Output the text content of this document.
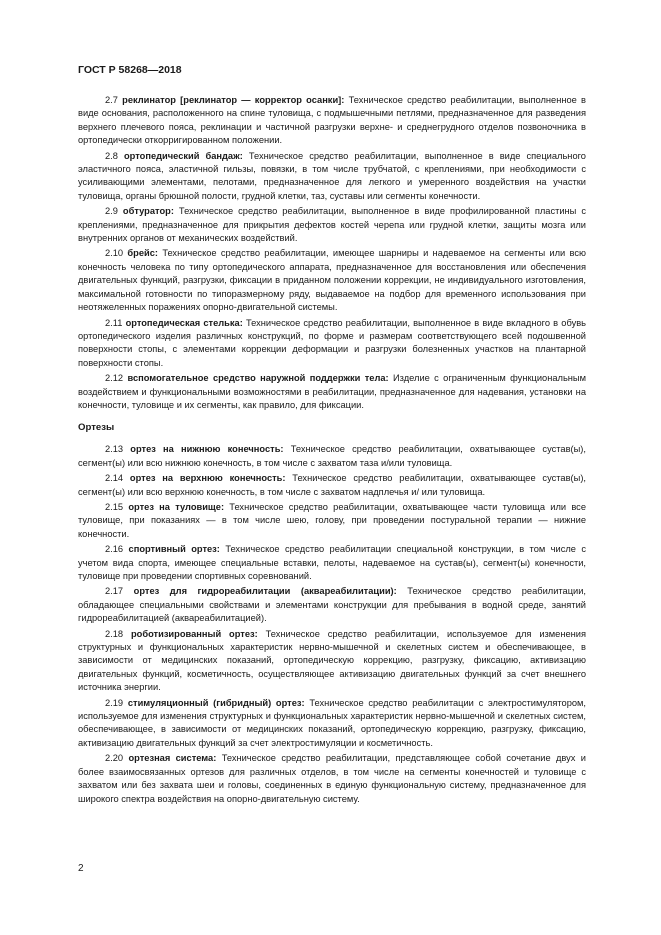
ГОСТ Р 58268—2018

2.7 реклинатор [реклинатор — корректор осанки]: Техническое средство реабилитации, выполненное в виде основания, расположенного на спине туловища, с подмышечными петлями, предназначенное для разведения верхнего плечевого пояса, реклинации и частичной разгрузки верхне- и среднегрудного отделов позвоночника в ортопедически откорригированном положении.

2.8 ортопедический бандаж: Техническое средство реабилитации, выполненное в виде специального эластичного пояса, эластичной гильзы, повязки, в том числе трубчатой, с креплениями, при необходимости с усиливающими элементами, пелотами, предназначенное для легкого и умеренного воздействия на участки туловища, органы брюшной полости, грудной клетки, таз, суставы или сегменты конечности.

2.9 обтуратор: Техническое средство реабилитации, выполненное в виде профилированной пластины с креплениями, предназначенное для прикрытия дефектов костей черепа или грудной клетки, защиты мозга или внутренних органов от механических воздействий.

2.10 брейс: Техническое средство реабилитации, имеющее шарниры и надеваемое на сегменты или всю конечность человека по типу ортопедического аппарата, предназначенное для восстановления или обеспечения двигательных функций, разгрузки, фиксации в приданном положении коррекции, не индивидуального изготовления, максимальной готовности по типоразмерному ряду, выдаваемое на подбор для временного использования при неотяжеленных поражениях опорно-двигательной системы.

2.11 ортопедическая стелька: Техническое средство реабилитации, выполненное в виде вкладного в обувь ортопедического изделия различных конструкций, по форме и размерам соответствующего всей подошвенной поверхности стопы, с элементами коррекции деформации и разгрузки болезненных участков на плантарной поверхности стопы.

2.12 вспомогательное средство наружной поддержки тела: Изделие с ограниченным функциональным воздействием и функциональными возможностями в реабилитации, предназначенное для надевания, установки на конечности, туловище и их сегменты, как правило, для фиксации.

Ортезы

2.13 ортез на нижнюю конечность: Техническое средство реабилитации, охватывающее сустав(ы), сегмент(ы) или всю нижнюю конечность, в том числе с захватом таза и/или туловища.

2.14 ортез на верхнюю конечность: Техническое средство реабилитации, охватывающее сустав(ы), сегмент(ы) или всю верхнюю конечность, в том числе с захватом надплечья и/ или туловища.

2.15 ортез на туловище: Техническое средство реабилитации, охватывающее части туловища или все туловище, при показаниях — в том числе шею, голову, при проведении постуральной терапии — нижние конечности.

2.16 спортивный ортез: Техническое средство реабилитации специальной конструкции, в том числе с учетом вида спорта, имеющее специальные вставки, пелоты, надеваемое на сустав(ы), сегмент(ы) конечности, туловище при проведении спортивных соревнований.

2.17 ортез для гидрореабилитации (аквареабилитации): Техническое средство реабилитации, обладающее специальными свойствами и элементами конструкции для пребывания в водной среде, занятий гидрореабилитацией (аквареабилитацией).

2.18 роботизированный ортез: Техническое средство реабилитации, используемое для изменения структурных и функциональных характеристик нервно-мышечной и скелетных систем и обеспечивающее, в зависимости от медицинских показаний, ортопедическую коррекцию, разгрузку, фиксацию, активизацию двигательных функций, косметичность, осуществляющее активизацию двигательных функций за счет внешнего источника энергии.

2.19 стимуляционный (гибридный) ортез: Техническое средство реабилитации с электростимулятором, используемое для изменения структурных и функциональных характеристик нервно-мышечной и скелетных систем, обеспечивающее, в зависимости от медицинских показаний, ортопедическую коррекцию, разгрузку, фиксацию, активизацию двигательных функций за счет электростимуляции и косметичность.

2.20 ортезная система: Техническое средство реабилитации, представляющее собой сочетание двух и более взаимосвязанных ортезов для различных отделов, в том числе на сегменты конечностей и туловище с захватом или без захвата шеи и головы, соединенных в единую функциональную систему, предназначенное для широкого спектра воздействия на опорно-двигательную систему.

2
